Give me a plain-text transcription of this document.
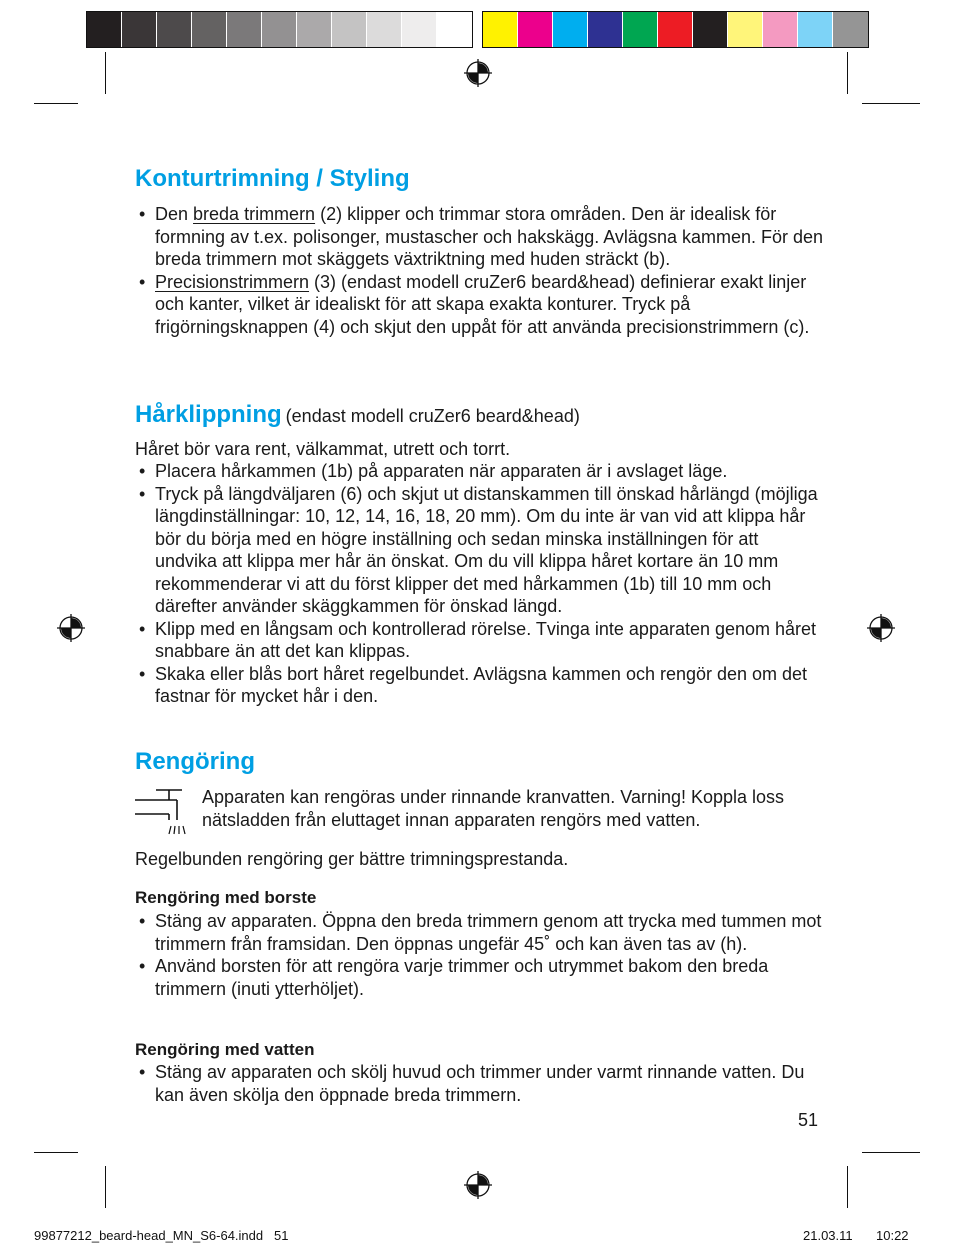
Konturtrimning / Styling
• Den breda trimmern (2) klipper och trimmar stora områden. Den är idealisk för formning av t.ex. polisonger, mustascher och hakskägg. Avlägsna kammen. För den breda trimmern mot skäggets växtriktning med huden sträckt (b).
• Precisionstrimmern (3) (endast modell cruZer6 beard&head) definierar exakt linjer och kanter, vilket är idealiskt för att skapa exakta konturer. Tryck på frigörningsknappen (4) och skjut den uppåt för att använda precisionstrimmern (c).
Hårklippning (endast modell cruZer6 beard&head)

Håret bör vara rent, välkammat, utrett och torrt.

• Placera hårkammen (1b) på apparaten när apparaten är i avslaget läge.
• Tryck på längdväljaren (6) och skjut ut distanskammen till önskad hårlängd (möjliga längdinställningar: 10, 12, 14, 16, 18, 20 mm). Om du inte är van vid att klippa hår bör du börja med en högre inställning och sedan minska inställningen för att undvika att klippa mer hår än önskat. Om du vill klippa håret kortare än 10 mm rekommenderar vi att du först klipper det med hårkammen (1b) till 10 mm och därefter använder skäggkammen för önskad längd.
• Klipp med en långsam och kontrollerad rörelse. Tvinga inte apparaten genom håret snabbare än att det kan klippas.
• Skaka eller blås bort håret regelbundet. Avlägsna kammen och rengör den om det fastnar för mycket hår i den.
Rengöring

Apparaten kan rengöras under rinnande kranvatten. Varning! Koppla loss nätsladden från eluttaget innan apparaten rengörs med vatten.

Regelbunden rengöring ger bättre trimningsprestanda.

Rengöring med borste

• Stäng av apparaten. Öppna den breda trimmern genom att trycka med tummen mot trimmern från framsidan. Den öppnas ungefär 45˚ och kan även tas av (h).
• Använd borsten för att rengöra varje trimmer och utrymmet bakom den breda trimmern (inuti ytterhöljet).

Rengöring med vatten

• Stäng av apparaten och skölj huvud och trimmer under varmt rinnande vatten. Du kan även skölja den öppnade breda trimmern.
51
99877212_beard-head_MN_S6-64.indd   51	21.03.11 10:22
